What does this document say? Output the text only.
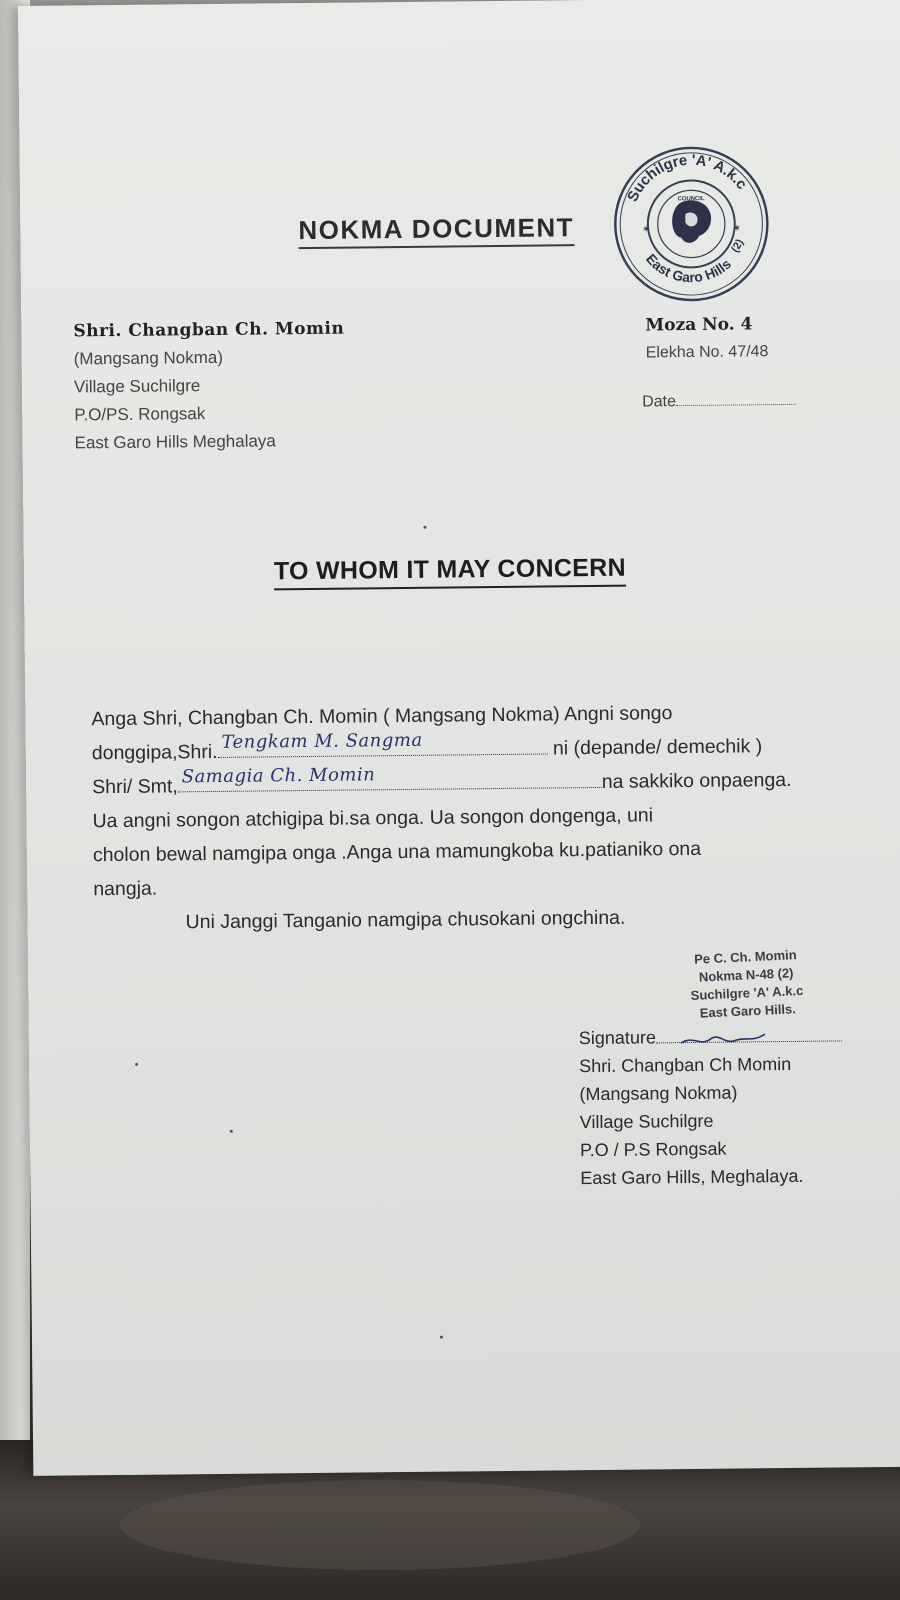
NOKMA DOCUMENT
Suchilgre 'A' A.k.c
East Garo Hills
COUNCIL
(2)
✶	✶
Shri. Changban Ch. Momin
(Mangsang Nokma)
Village Suchilgre
P.O/PS. Rongsak
East Garo Hills Meghalaya
Moza No. 4
Elekha No. 47/48
Date
TO WHOM IT MAY CONCERN
Anga Shri, Changban Ch. Momin ( Mangsang Nokma) Angni songo
donggipa,Shri. Tengkam M. Sangma	ni (depande/ demechik )
Shri/ Smt, Samagia Ch. Momin	na sakkiko onpaenga.
Ua angni songon atchigipa bi.sa onga. Ua songon dongenga, uni
cholon bewal namgipa onga .Anga una mamungkoba ku.patianiko ona
nangja.
Uni Janggi Tanganio namgipa chusokani ongchina.
Pe C. Ch. Momin
Nokma N-48 (2)
Suchilgre 'A' A.k.c
East Garo Hills.
Signature
Shri. Changban Ch Momin
(Mangsang Nokma)
Village Suchilgre
P.O / P.S Rongsak
East Garo Hills, Meghalaya.
